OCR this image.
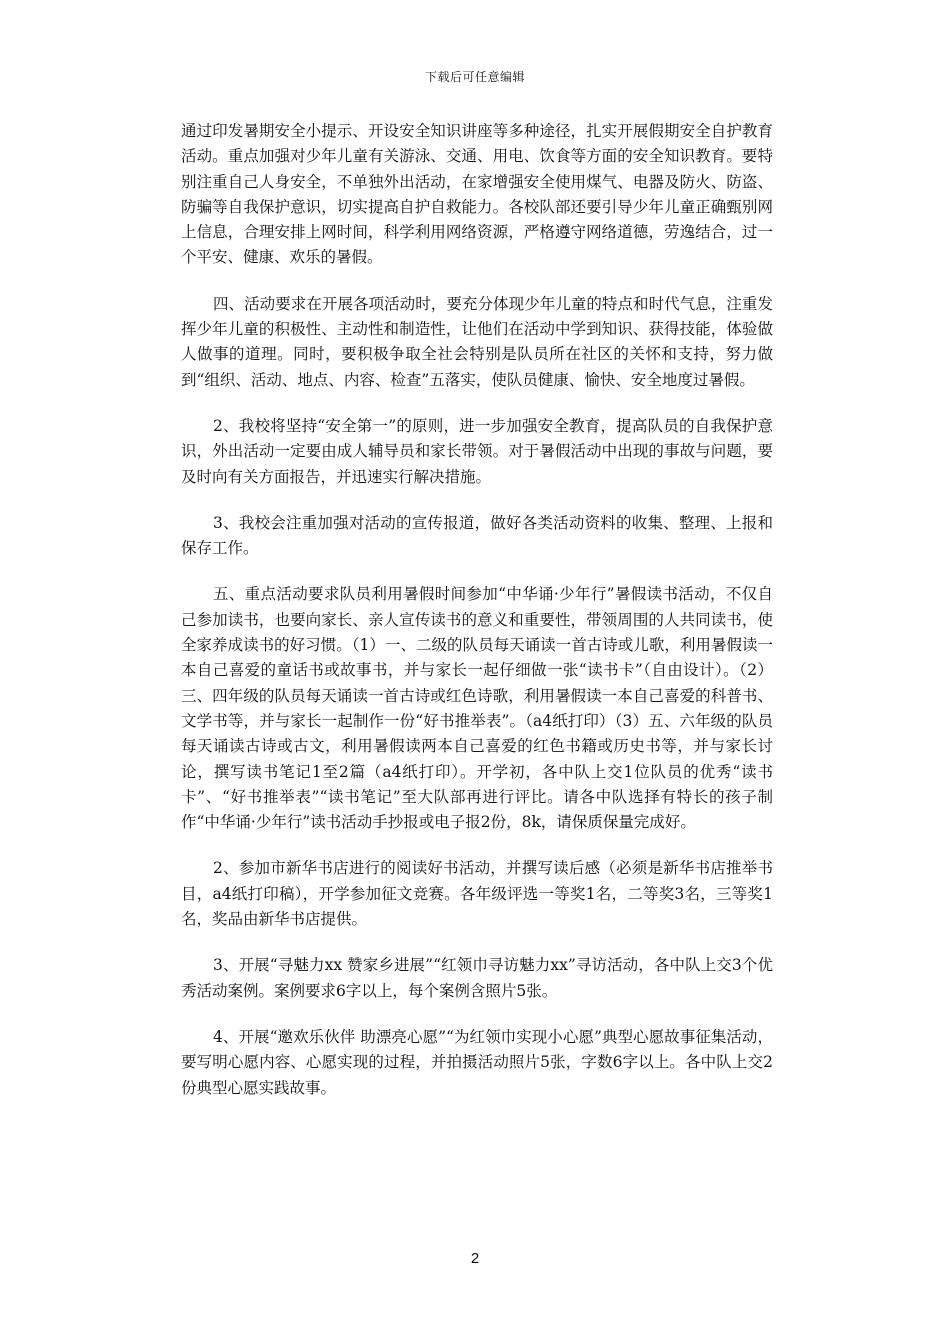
下载后可任意编辑

通过印发暑期安全小提示、开设安全知识讲座等多种途径，扎实开展假期安全自护教育活动。重点加强对少年儿童有关游泳、交通、用电、饮食等方面的安全知识教育。要特别注重自己人身安全，不单独外出活动，在家增强安全使用煤气、电器及防火、防盗、防骗等自我保护意识，切实提高自护自救能力。各校队部还要引导少年儿童正确甄别网上信息，合理安排上网时间，科学利用网络资源，严格遵守网络道德，劳逸结合，过一个平安、健康、欢乐的暑假。

四、活动要求在开展各项活动时，要充分体现少年儿童的特点和时代气息，注重发挥少年儿童的积极性、主动性和制造性，让他们在活动中学到知识、获得技能，体验做人做事的道理。同时，要积极争取全社会特别是队员所在社区的关怀和支持，努力做到“组织、活动、地点、内容、检查”五落实，使队员健康、愉快、安全地度过暑假。

2、我校将坚持“安全第一”的原则，进一步加强安全教育，提高队员的自我保护意识，外出活动一定要由成人辅导员和家长带领。对于暑假活动中出现的事故与问题，要及时向有关方面报告，并迅速实行解决措施。

3、我校会注重加强对活动的宣传报道，做好各类活动资料的收集、整理、上报和保存工作。

五、重点活动要求队员利用暑假时间参加“中华诵·少年行”暑假读书活动，不仅自己参加读书，也要向家长、亲人宣传读书的意义和重要性，带领周围的人共同读书，使全家养成读书的好习惯。（1）一、二级的队员每天诵读一首古诗或儿歌，利用暑假读一本自己喜爱的童话书或故事书，并与家长一起仔细做一张“读书卡”（自由设计）。（2）三、四年级的队员每天诵读一首古诗或红色诗歌，利用暑假读一本自己喜爱的科普书、文学书等，并与家长一起制作一份“好书推举表”。（a4纸打印）（3）五、六年级的队员每天诵读古诗或古文，利用暑假读两本自己喜爱的红色书籍或历史书等，并与家长讨论，撰写读书笔记1至2篇（a4纸打印）。开学初，各中队上交1位队员的优秀“读书卡”、“好书推举表”“读书笔记”至大队部再进行评比。请各中队选择有特长的孩子制作“中华诵·少年行”读书活动手抄报或电子报2份，8k，请保质保量完成好。

2、参加市新华书店进行的阅读好书活动，并撰写读后感（必须是新华书店推举书目，a4纸打印稿），开学参加征文竞赛。各年级评选一等奖1名，二等奖3名，三等奖1名，奖品由新华书店提供。

3、开展“寻魅力xx 赞家乡进展”“红领巾寻访魅力xx”寻访活动，各中队上交3个优秀活动案例。案例要求6字以上，每个案例含照片5张。

4、开展“邀欢乐伙伴 助漂亮心愿”“为红领巾实现小心愿”典型心愿故事征集活动，要写明心愿内容、心愿实现的过程，并拍摄活动照片5张，字数6字以上。各中队上交2份典型心愿实践故事。

2
